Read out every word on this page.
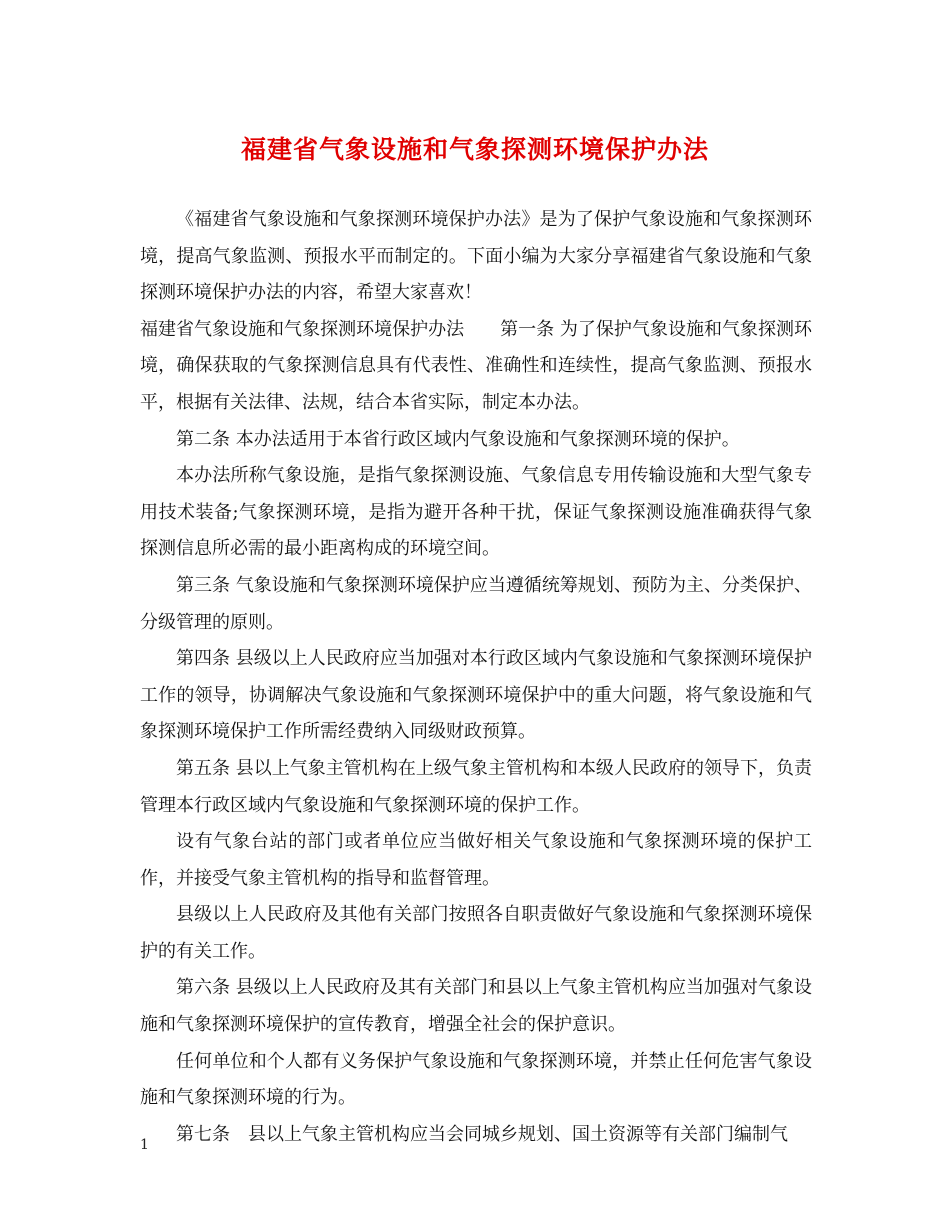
福建省气象设施和气象探测环境保护办法

《福建省气象设施和气象探测环境保护办法》是为了保护气象设施和气象探测环境，提高气象监测、预报水平而制定的。下面小编为大家分享福建省气象设施和气象探测环境保护办法的内容，希望大家喜欢！

福建省气象设施和气象探测环境保护办法　　第一条 为了保护气象设施和气象探测环境，确保获取的气象探测信息具有代表性、准确性和连续性，提高气象监测、预报水平，根据有关法律、法规，结合本省实际，制定本办法。

第二条 本办法适用于本省行政区域内气象设施和气象探测环境的保护。

本办法所称气象设施，是指气象探测设施、气象信息专用传输设施和大型气象专用技术装备;气象探测环境，是指为避开各种干扰，保证气象探测设施准确获得气象探测信息所必需的最小距离构成的环境空间。

第三条 气象设施和气象探测环境保护应当遵循统筹规划、预防为主、分类保护、分级管理的原则。

第四条 县级以上人民政府应当加强对本行政区域内气象设施和气象探测环境保护工作的领导，协调解决气象设施和气象探测环境保护中的重大问题，将气象设施和气象探测环境保护工作所需经费纳入同级财政预算。

第五条 县以上气象主管机构在上级气象主管机构和本级人民政府的领导下，负责管理本行政区域内气象设施和气象探测环境的保护工作。

设有气象台站的部门或者单位应当做好相关气象设施和气象探测环境的保护工作，并接受气象主管机构的指导和监督管理。

县级以上人民政府及其他有关部门按照各自职责做好气象设施和气象探测环境保护的有关工作。

第六条 县级以上人民政府及其有关部门和县以上气象主管机构应当加强对气象设施和气象探测环境保护的宣传教育，增强全社会的保护意识。

任何单位和个人都有义务保护气象设施和气象探测环境，并禁止任何危害气象设施和气象探测环境的行为。

第七条　县以上气象主管机构应当会同城乡规划、国土资源等有关部门编制气

1
